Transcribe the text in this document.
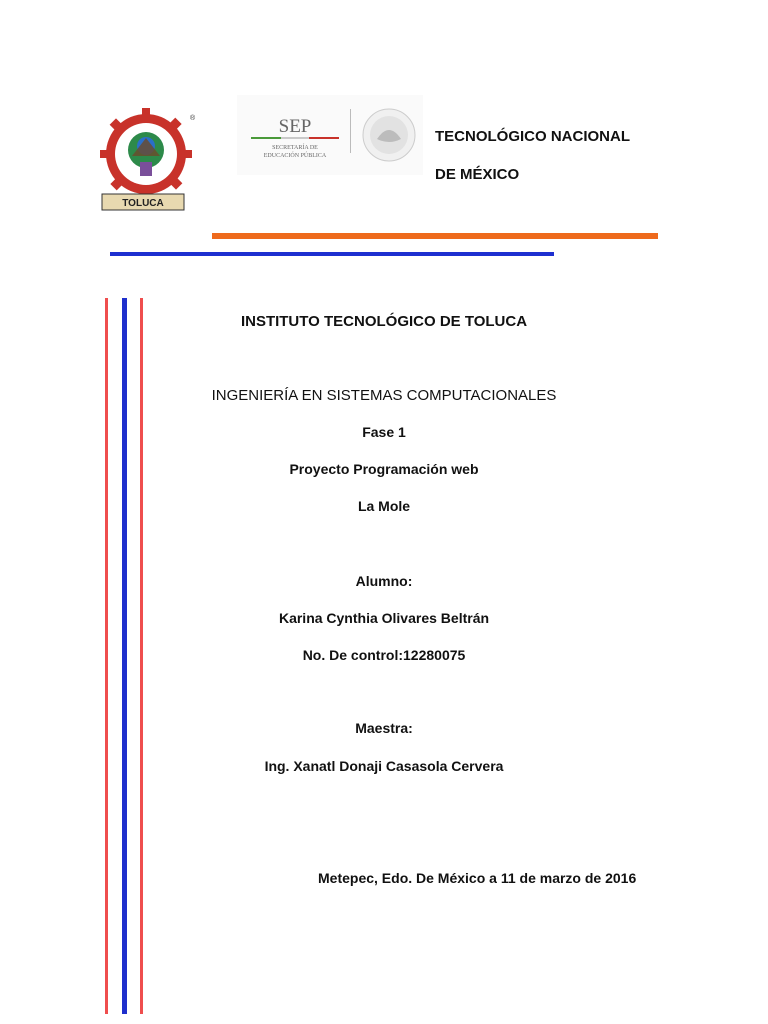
TOLUCA
®	SEP
SECRETARÍA DE
EDUCACIÓN PÚBLICA
TECNOLÓGICO NACIONAL
DE MÉXICO
INSTITUTO TECNOLÓGICO DE TOLUCA
INGENIERÍA EN SISTEMAS COMPUTACIONALES
Fase 1
Proyecto Programación web
La Mole
Alumno:
Karina Cynthia Olivares Beltrán
No. De control:12280075
Maestra:
Ing. Xanatl Donaji Casasola Cervera
Metepec, Edo. De México a 11 de marzo de 2016
